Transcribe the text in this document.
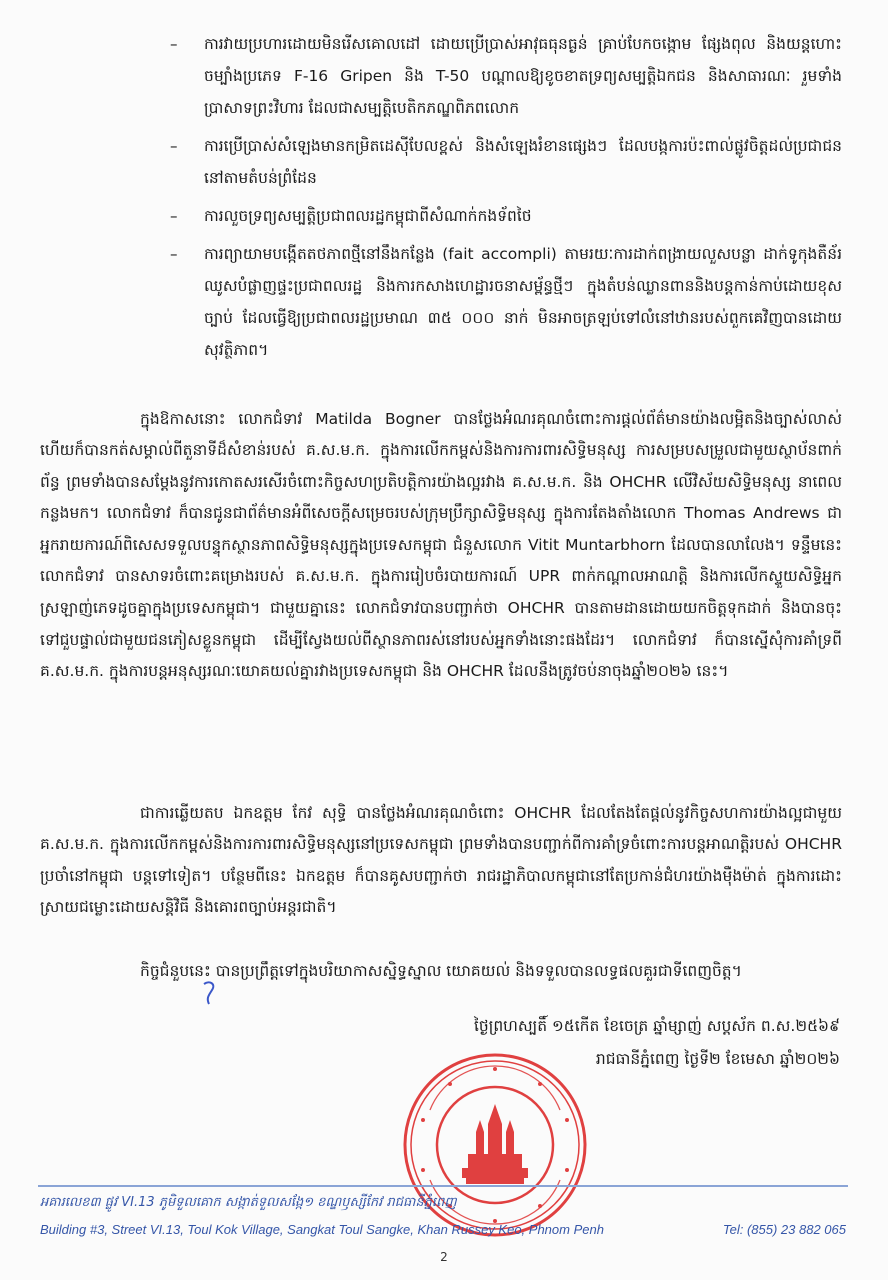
–	ការវាយប្រហារដោយមិនរើសគោលដៅ ដោយប្រើប្រាស់អាវុធធុនធ្ងន់ គ្រាប់បែកចង្កោម ផ្សែងពុល និងយន្តហោះចម្បាំងប្រភេទ F-16 Gripen និង T-50 បណ្តាលឱ្យខូចខាតទ្រព្យសម្បត្តិឯកជន និងសាធារណៈ រួមទាំង ប្រាសាទព្រះវិហារ ដែលជាសម្បត្តិបេតិកភណ្ឌពិភពលោក
–	ការប្រើប្រាស់សំឡេងមានកម្រិតដេស៊ីបែលខ្ពស់ និងសំឡេងរំខានផ្សេងៗ ដែលបង្កការប៉ះពាល់ផ្លូវចិត្តដល់ប្រជាជននៅតាមតំបន់ព្រំដែន
–	ការលួចទ្រព្យសម្បត្តិប្រជាពលរដ្ឋកម្ពុជាពីសំណាក់កងទ័ពថៃ
–	ការព្យាយាមបង្កើតតថភាពថ្មីនៅនឹងកន្លែង (fait accompli) តាមរយៈការដាក់ពង្រាយលួសបន្លា ដាក់ទូកុងតឺន័រ ឈូសបំផ្លាញផ្ទះប្រជាពលរដ្ឋ និងការកសាងហេដ្ឋារចនាសម្ព័ន្ធថ្មីៗ ក្នុងតំបន់ឈ្លានពាននិងបន្តកាន់កាប់ដោយខុសច្បាប់ ដែលធ្វើឱ្យប្រជាពលរដ្ឋប្រមាណ ៣៥ ០០០ នាក់ មិនអាចត្រឡប់ទៅលំនៅឋានរបស់ពួកគេវិញបានដោយសុវត្ថិភាព។

ក្នុងឱកាសនោះ លោកជំទាវ Matilda Bogner បានថ្លែងអំណរគុណចំពោះការផ្តល់ព័ត៌មានយ៉ាងលម្អិតនិងច្បាស់លាស់ ហើយក៏បានកត់សម្គាល់ពីតួនាទីដ៏សំខាន់របស់ គ.ស.ម.ក. ក្នុងការលើកកម្ពស់និងការការពារសិទ្ធិមនុស្ស ការសម្របសម្រួលជាមួយស្ថាប័នពាក់ព័ន្ធ ព្រមទាំងបានសម្តែងនូវការកោតសរសើរចំពោះកិច្ចសហប្រតិបត្តិការយ៉ាងល្អរវាង គ.ស.ម.ក. និង OHCHR លើវិស័យសិទ្ធិមនុស្ស នាពេលកន្លងមក។ លោកជំទាវ ក៏បានជូនជាព័ត៌មានអំពីសេចក្តីសម្រេចរបស់ក្រុមប្រឹក្សាសិទ្ធិមនុស្ស ក្នុងការតែងតាំងលោក Thomas Andrews ជាអ្នករាយការណ៍ពិសេសទទួលបន្ទុកស្ថានភាពសិទ្ធិមនុស្សក្នុងប្រទេសកម្ពុជា ជំនួសលោក Vitit Muntarbhorn ដែលបានលាលែង។ ទន្ទឹមនេះ លោកជំទាវ បានសាទរចំពោះគម្រោងរបស់ គ.ស.ម.ក. ក្នុងការរៀបចំរបាយការណ៍ UPR ពាក់កណ្តាលអាណត្តិ និងការលើកស្ទួយសិទ្ធិអ្នកស្រឡាញ់ភេទដូចគ្នាក្នុងប្រទេសកម្ពុជា។ ជាមួយគ្នានេះ លោកជំទាវបានបញ្ជាក់ថា OHCHR បានតាមដានដោយយកចិត្តទុកដាក់ និងបានចុះទៅជួបផ្ទាល់ជាមួយជនភៀសខ្លួនកម្ពុជា ដើម្បីស្វែងយល់ពីស្ថានភាពរស់នៅរបស់អ្នកទាំងនោះផងដែរ។ លោកជំទាវ ក៏បានស្នើសុំការគាំទ្រពី គ.ស.ម.ក. ក្នុងការបន្តអនុស្សរណៈយោគយល់គ្នារវាងប្រទេសកម្ពុជា និង OHCHR ដែលនឹងត្រូវចប់នាចុងឆ្នាំ២០២៦ នេះ។

ជាការឆ្លើយតប ឯកឧត្តម កែវ សុទ្ធិ បានថ្លែងអំណរគុណចំពោះ OHCHR ដែលតែងតែផ្តល់នូវកិច្ចសហការយ៉ាងល្អជាមួយ គ.ស.ម.ក. ក្នុងការលើកកម្ពស់និងការការពារសិទ្ធិមនុស្សនៅប្រទេសកម្ពុជា ព្រមទាំងបានបញ្ជាក់ពីការគាំទ្រចំពោះការបន្តអាណត្តិរបស់ OHCHR ប្រចាំនៅកម្ពុជា បន្តទៅទៀត។ បន្ថែមពីនេះ ឯកឧត្តម ក៏បានគូសបញ្ជាក់ថា រាជរដ្ឋាភិបាលកម្ពុជានៅតែប្រកាន់ជំហរយ៉ាងម៉ឺងម៉ាត់ ក្នុងការដោះស្រាយជម្លោះដោយសន្តិវិធី និងគោរពច្បាប់អន្តរជាតិ។

កិច្ចជំនួបនេះ បានប្រព្រឹត្តទៅក្នុងបរិយាកាសស្និទ្ធស្នាល យោគយល់ និងទទួលបានលទ្ធផលគួរជាទីពេញចិត្ត។

ថ្ងៃព្រហស្បតិ៍ ១៥កើត ខែចេត្រ ឆ្នាំម្សាញ់ សប្តស័ក ព.ស.២៥៦៩
រាជធានីភ្នំពេញ ថ្ងៃទី២ ខែមេសា ឆ្នាំ២០២៦
អគារលេខ៣ ផ្លូវ VI.13 ភូមិទួលគោក សង្កាត់ទួលសង្កែ១ ខណ្ឌឫស្សីកែវ រាជធានីភ្នំពេញ
Building #3, Street VI.13, Toul Kok Village, Sangkat Toul Sangke, Khan Russey Keo, Phnom Penh	Tel: (855) 23 882 065
2
